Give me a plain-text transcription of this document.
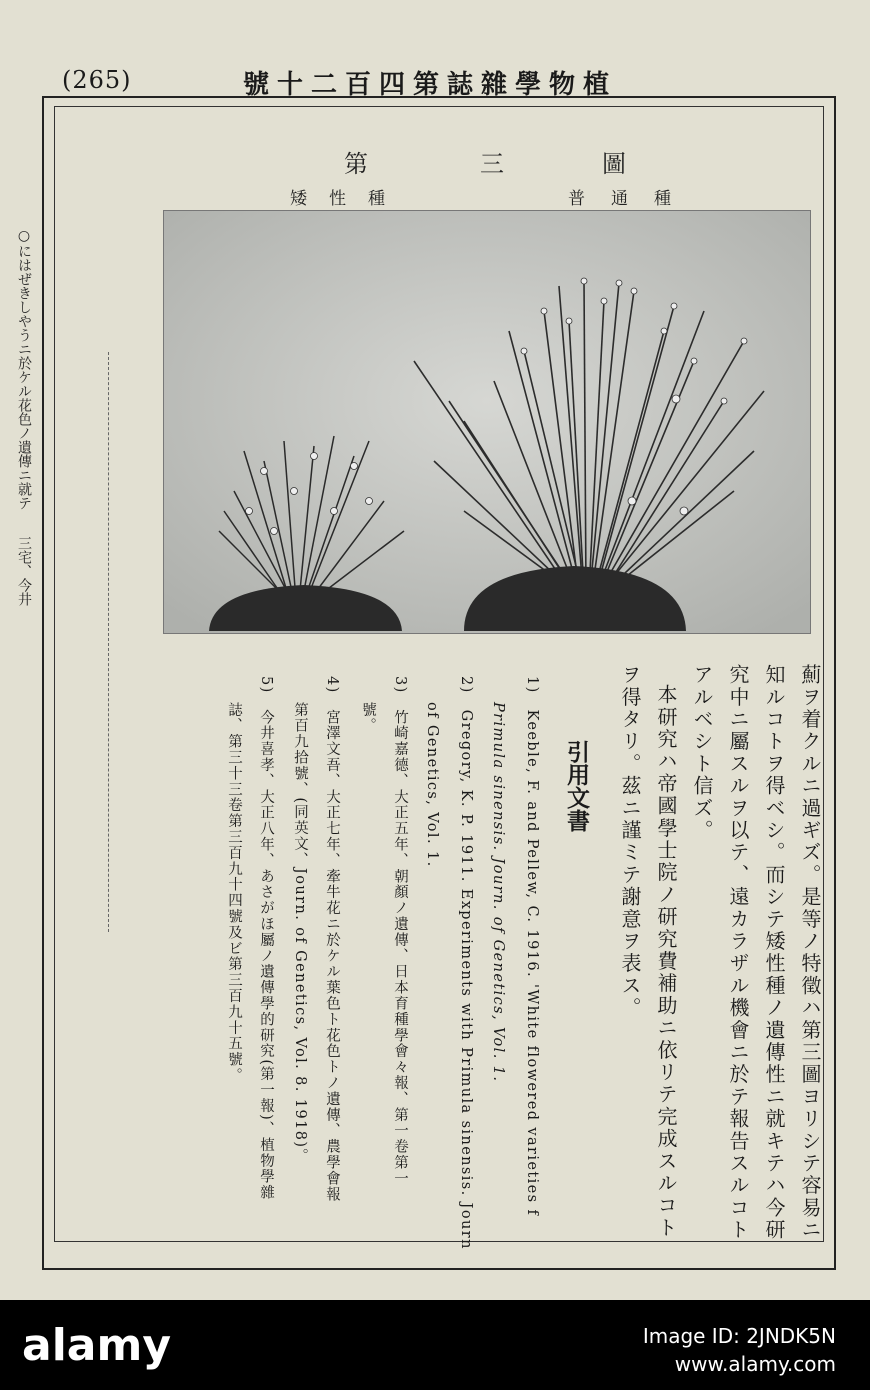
(265)	植物學雜誌第四百二十號
第	三	圖
矮性種	普通種
薊ヲ着クルニ過ギズ。是等ノ特徵ハ第三圖ヨリシテ容易ニ
知ルコトヲ得ベシ。而シテ矮性種ノ遺傳性ニ就キテハ今研
究中ニ屬スルヲ以テ、遠カラザル機會ニ於テ報告スルコト
アルベシト信ズ。
本研究ハ帝國學士院ノ研究費補助ニ依リテ完成スルコト
ヲ得タリ。茲ニ謹ミテ謝意ヲ表ス。
引用文書
1)　Keeble, F. and Pellew, C. 1916. 'White flowered varieties f
Primula sinensis. Journ. of Genetics, Vol. 1.
2)　Gregory, K. P. 1911. Experiments with Primula sinensis. Journ
of Genetics, Vol. 1.
3)　竹崎嘉德、大正五年、朝顏ノ遺傳、日本育種學會々報、第一卷第一
號。
4)　宮澤文吾、大正七年、牽牛花ニ於ケル葉色ト花色トノ遺傳、農學會報
第百九拾號、(同英文、Journ. of Genetics, Vol. 8. 1918)。
5)　今井喜孝、大正八年、あさがほ屬ノ遺傳學的研究(第一報)、植物學雜
誌、第三十三卷第三百九十四號及ビ第三百九十五號。
○にはぜきしやうニ於ケル花色ノ遺傳ニ就テ 三宅、今井
alamy	Image ID: 2JNDK5N
www.alamy.com
